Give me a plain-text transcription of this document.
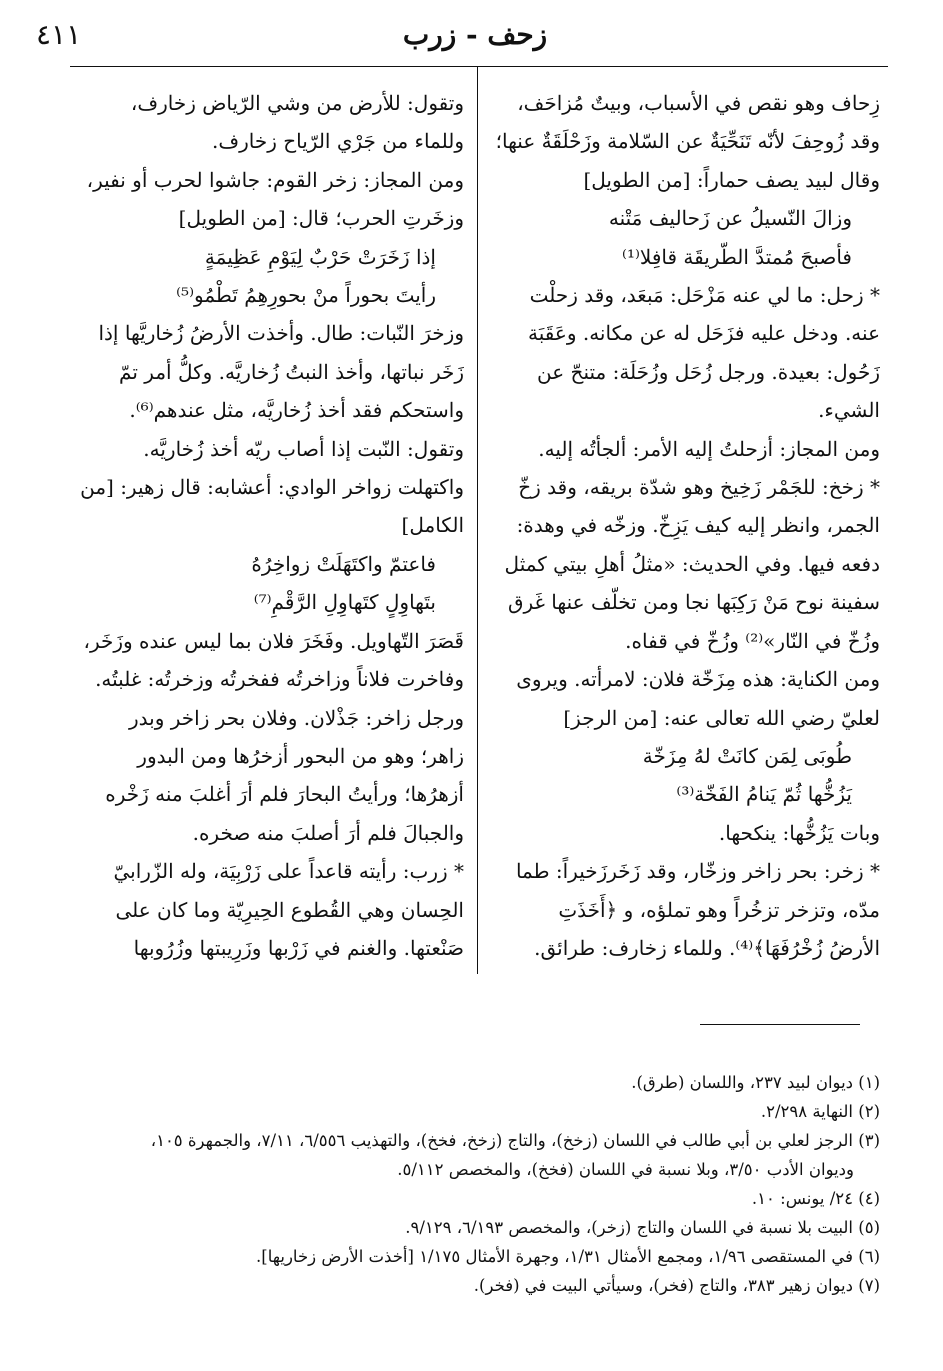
٤١١	زحف - زرب

زِحاف وهو نقص في الأسباب، وبيتٌ مُزاحَف،

وقد زُوحِفَ لأنّه تَنَحِّيَةٌ عن السّلامة وزَحْلَقَةٌ عنها؛

وقال لبيد يصف حماراً: [من الطويل]

وزالَ النّسيلُ عن زَحاليف مَتْنه

فأصبحَ مُمتدَّ الطّريقَة قافِلا⁽¹⁾

* زحل: ما لي عنه مَزْحَل: مَبعَد، وقد زحلْت

عنه. ودخل عليه فزَحَل له عن مكانه. وعَقَبَة

زَحُول: بعيدة. ورجل زُحَل وزُحَلَة: متنحّ عن

الشيء.

ومن المجاز: أزحلتُ إليه الأمر: ألجأتُه إليه.

* زخخ: للجَمْر زَخِيخ وهو شدّة بريقه، وقد زخّ

الجمر، وانظر إليه كيف يَزِخّ. وزخّه في وهدة:

دفعه فيها. وفي الحديث: «مثلُ أهلِ بيتي كمثل

سفينة نوح مَنْ رَكِبَها نجا ومن تخلّف عنها غَرق

وزُخّ في النّار»⁽²⁾ وزُخّ في قفاه.

ومن الكناية: هذه مِزَخّة فلان: لامرأته. ويروى

لعليّ رضي الله تعالى عنه: [من الرجز]

طُوبَى لِمَن كانَتْ لهُ مِزَخّة

يَزُخُّها ثُمّ يَنامُ الفَخّة⁽³⁾

وبات يَزُخُّها: ينكحها.

* زخر: بحر زاخر وزخّار، وقد زَخَرزَخيراً: طما

مدّه، وتزخر تزخُراً وهو تملؤه، و ﴿أَخَذَتِ

الأرضُ زُخْرُفَهَا﴾⁽⁴⁾. وللماء زخارف: طرائق.

وتقول: للأرض من وشي الرّياض زخارف،

وللماء من جَرْي الرّياح زخارف.

ومن المجاز: زخر القوم: جاشوا لحرب أو نفير،

وزخَرتِ الحرب؛ قال: [من الطويل]

إذا زَخَرَتْ حَرْبٌ لِيَوْمِ عَظِيمَةٍ

رأيتَ بحوراً منْ بحورِهِمُ تَطْمُو⁽⁵⁾

وزخرَ النّبات: طال. وأخذت الأرضُ زُخاريَّها إذا

زَخَر نباتها، وأخذ النبتُ زُخاريَّه. وكلُّ أمر تمّ

واستحكم فقد أخذ زُخاريَّه، مثل عندهم⁽⁶⁾.

وتقول: النّبت إذا أصاب ريّه أخذ زُخاريَّه.

واكتهلت زواخر الوادي: أعشابه: قال زهير: [من

الكامل]

فاعتمّ واكتَهَلَتْ زواخِرُهُ

بتَهاوِلٍ كتَهاوِلِ الرَّقْمِ⁽⁷⁾

قَصَرَ التّهاويل. وفَخَرَ فلان بما ليس عنده وزَخَر،

وفاخرت فلاناً وزاخرتُه ففخرتُه وزخرتُه: غلبتُه.

ورجل زاخر: جَذْلان. وفلان بحر زاخر وبدر

زاهر؛ وهو من البحور أزخرُها ومن البدور

أزهرُها؛ ورأيتُ البحارَ فلم أرَ أغلبَ منه زَخْره

والجبالَ فلم أرَ أصلبَ منه صخره.

* زرب: رأيته قاعداً على زَرْبِيَة، وله الزّرابيّ

الحِسان وهي القُطوع الحِيرِيّة وما كان على

صَنْعتها. والغنم في زَرْبها وزَرِيبتها وزُرُوبها

(١) ديوان لبيد ٢٣٧، واللسان (طرق).

(٢) النهاية ٢/٢٩٨.

(٣) الرجز لعلي بن أبي طالب في اللسان (زخخ)، والتاج (زخخ، فخخ)، والتهذيب ٦/٥٥٦، ٧/١١، والجمهرة ١٠٥،

وديوان الأدب ٣/٥٠، وبلا نسبة في اللسان (فخخ)، والمخصص ٥/١١٢.

(٤) ٢٤/ يونس: ١٠.

(٥) البيت بلا نسبة في اللسان والتاج (زخر)، والمخصص ٦/١٩٣، ٩/١٢٩.

(٦) في المستقصى ١/٩٦، ومجمع الأمثال ١/٣١، وجهرة الأمثال ١/١٧٥ [أخذت الأرض زخاريها].

(٧) ديوان زهير ٣٨٣، والتاج (فخر)، وسيأتي البيت في (فخر).
